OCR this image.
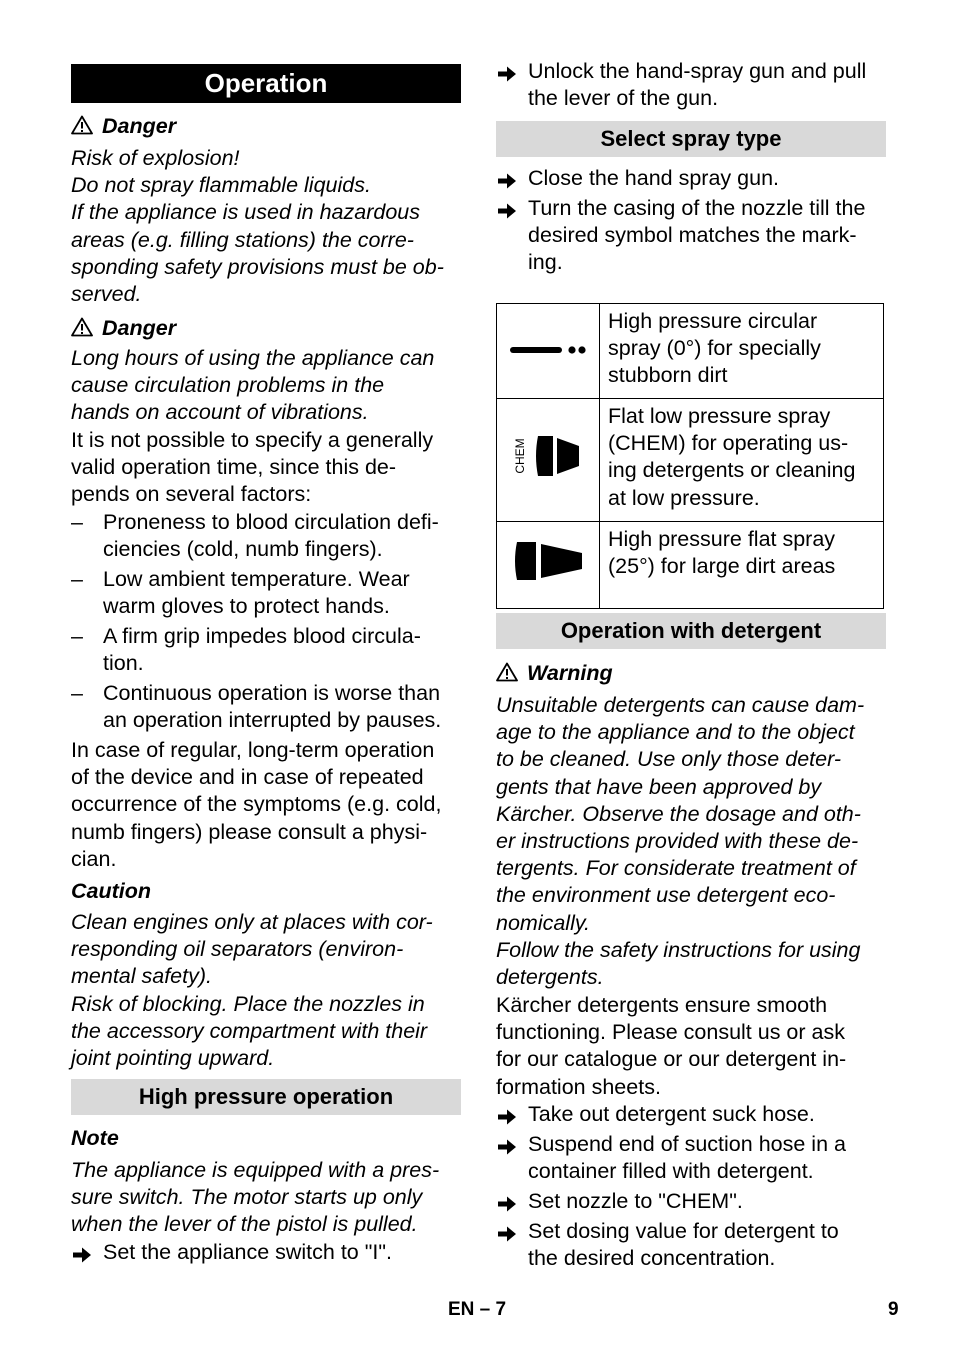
Operation
Danger
Risk of explosion!
Do not spray flammable liquids.
If the appliance is used in hazardous
areas (e.g. filling stations) the corre-
sponding safety provisions must be ob-
served.
Danger
Long hours of using the appliance can
cause circulation problems in the
hands on account of vibrations.
It is not possible to specify a generally
valid operation time, since this de-
pends on several factors:
– Proneness to blood circulation defi-
ciencies (cold, numb fingers).
– Low ambient temperature. Wear
warm gloves to protect hands.
– A firm grip impedes blood circula-
tion.
– Continuous operation is worse than
an operation interrupted by pauses.
In case of regular, long-term operation
of the device and in case of repeated
occurrence of the symptoms (e.g. cold,
numb fingers) please consult a physi-
cian.
Caution
Clean engines only at places with cor-
responding oil separators (environ-
mental safety).
Risk of blocking. Place the nozzles in
the accessory compartment with their
joint pointing upward.
High pressure operation
Note
The appliance is equipped with a pres-
sure switch. The motor starts up only
when the lever of the pistol is pulled.
Set the appliance switch to "I".
Unlock the hand-spray gun and pull
the lever of the gun.
Select spray type
Close the hand spray gun.
Turn the casing of the nozzle till the
desired symbol matches the mark-
ing.

High pressure circular
spray (0°) for specially
stubborn dirt

CHEM	Flat low pressure spray
(CHEM) for operating us-
ing detergents or cleaning
at low pressure.

High pressure flat spray
(25°) for large dirt areas
Operation with detergent
Warning
Unsuitable detergents can cause dam-
age to the appliance and to the object
to be cleaned. Use only those deter-
gents that have been approved by
Kärcher. Observe the dosage and oth-
er instructions provided with these de-
tergents. For considerate treatment of
the environment use detergent eco-
nomically.
Follow the safety instructions for using
detergents.
Kärcher detergents ensure smooth
functioning. Please consult us or ask
for our catalogue or our detergent in-
formation sheets.
Take out detergent suck hose.
Suspend end of suction hose in a
container filled with detergent.
Set nozzle to "CHEM".
Set dosing value for detergent to
the desired concentration.
EN – 7	9
